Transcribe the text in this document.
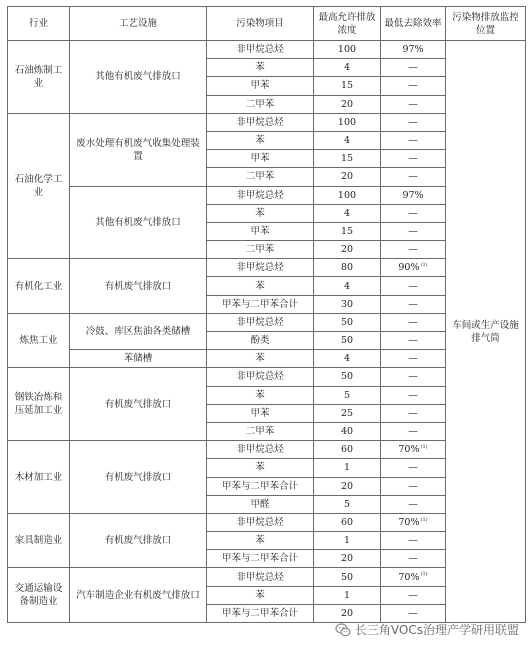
行业	工艺设施	污染物项目	最高允许排放浓度	最低去除效率	污染物排放监控位置
石油炼制工业	其他有机废气排放口	非甲烷总烃	100	97%	车间或生产设施排气筒
		苯	4	—	
		甲苯	15	—	
		二甲苯	20	—	
石油化学工业	废水处理有机废气收集处理装置	非甲烷总烃	100	—	
		苯	4	—	
		甲苯	15	—	
		二甲苯	20	—	
	其他有机废气排放口	非甲烷总烃	100	97%	
		苯	4	—	
		甲苯	15	—	
		二甲苯	20	—	
有机化工业	有机废气排放口	非甲烷总烃	80	90%$^{(1)}$
		苯	4	—	
		甲苯与二甲苯合计	30	—	
炼焦工业	冷鼓、库区焦油各类储槽	非甲烷总烃	50	—	
		酚类	50	—	
	苯储槽	苯	4	—	
钢铁冶炼和压延加工业	有机废气排放口	非甲烷总烃	50	—	
		苯	5	—	
		甲苯	25	—	
		二甲苯	40	—	
木材加工业	有机废气排放口	非甲烷总烃	60	70%$^{(1)}$
		苯	1	—	
		甲苯与二甲苯合计	20	—	
		甲醛	5	—	
家具制造业	有机废气排放口	非甲烷总烃	60	70%$^{(1)}$
		苯	1	—	
		甲苯与二甲苯合计	20	—	
交通运输设备制造业	汽车制造企业有机废气排放口	非甲烷总烃	50	70%$^{(1)}$
		苯	1	—	
		甲苯与二甲苯合计	20	—	
长三角VOCs治理产学研用联盟
